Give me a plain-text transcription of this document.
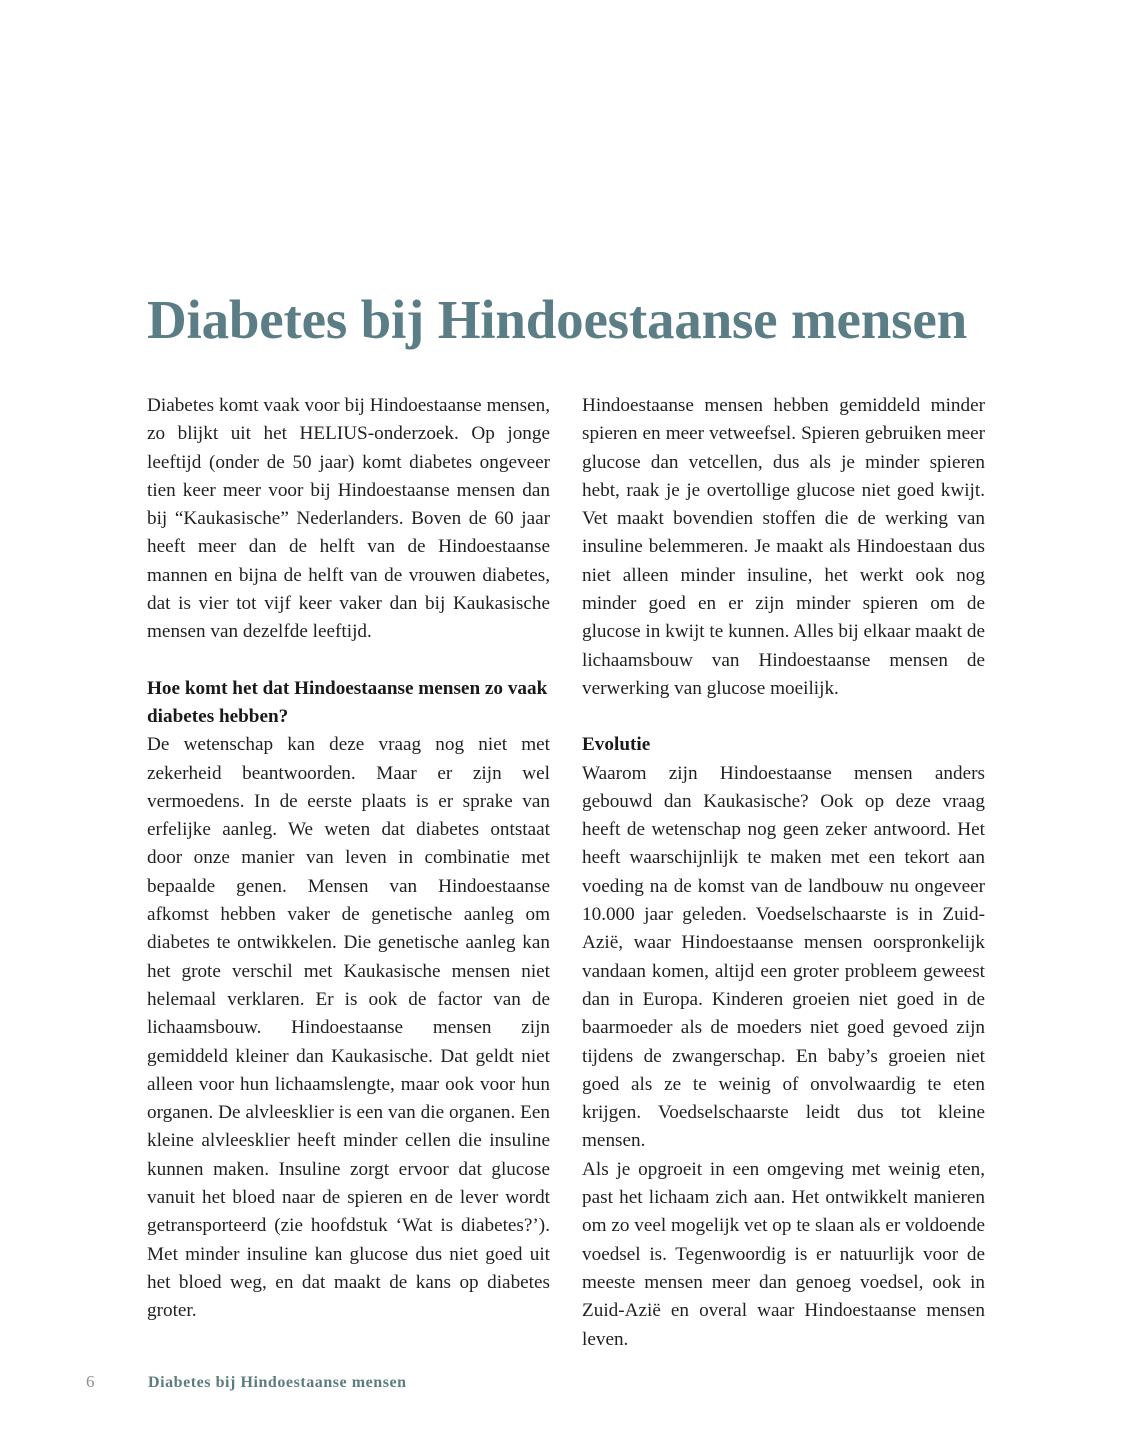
Diabetes bij Hindoestaanse mensen

Diabetes komt vaak voor bij Hindoestaanse mensen, zo blijkt uit het HELIUS-onderzoek. Op jonge leeftijd (onder de 50 jaar) komt diabetes ongeveer tien keer meer voor bij Hindoestaanse mensen dan bij “Kaukasische” Nederlanders. Boven de 60 jaar heeft meer dan de helft van de Hindoestaanse mannen en bijna de helft van de vrouwen diabetes, dat is vier tot vijf keer vaker dan bij Kaukasische mensen van dezelfde leeftijd.

Hoe komt het dat Hindoestaanse mensen zo vaak diabetes hebben?

De wetenschap kan deze vraag nog niet met zekerheid beantwoorden. Maar er zijn wel vermoedens. In de eerste plaats is er sprake van erfelijke aanleg. We weten dat diabetes ontstaat door onze manier van leven in combinatie met bepaalde genen. Mensen van Hindoestaanse afkomst hebben vaker de genetische aanleg om diabetes te ontwikkelen. Die genetische aanleg kan het grote verschil met Kaukasische mensen niet helemaal verklaren. Er is ook de factor van de lichaamsbouw. Hindoestaanse mensen zijn gemiddeld kleiner dan Kaukasische. Dat geldt niet alleen voor hun lichaamslengte, maar ook voor hun organen. De alvleesklier is een van die organen. Een kleine alvleesklier heeft minder cellen die insuline kunnen maken. Insuline zorgt ervoor dat glucose vanuit het bloed naar de spieren en de lever wordt getransporteerd (zie hoofdstuk ‘Wat is diabetes?’). Met minder insuline kan glucose dus niet goed uit het bloed weg, en dat maakt de kans op diabetes groter.

Hindoestaanse mensen hebben gemiddeld minder spieren en meer vetweefsel. Spieren gebruiken meer glucose dan vetcellen, dus als je minder spieren hebt, raak je je overtollige glucose niet goed kwijt. Vet maakt bovendien stoffen die de werking van insuline belemmeren. Je maakt als Hindoestaan dus niet alleen minder insuline, het werkt ook nog minder goed en er zijn minder spieren om de glucose in kwijt te kunnen. Alles bij elkaar maakt de lichaamsbouw van Hindoestaanse mensen de verwerking van glucose moeilijk.

Evolutie

Waarom zijn Hindoestaanse mensen anders gebouwd dan Kaukasische? Ook op deze vraag heeft de wetenschap nog geen zeker antwoord. Het heeft waarschijnlijk te maken met een tekort aan voeding na de komst van de landbouw nu ongeveer 10.000 jaar geleden. Voedselschaarste is in Zuid-Azië, waar Hindoestaanse mensen oorspronkelijk vandaan komen, altijd een groter probleem geweest dan in Europa. Kinderen groeien niet goed in de baarmoeder als de moeders niet goed gevoed zijn tijdens de zwangerschap. En baby’s groeien niet goed als ze te weinig of onvolwaardig te eten krijgen. Voedselschaarste leidt dus tot kleine mensen.

Als je opgroeit in een omgeving met weinig eten, past het lichaam zich aan. Het ontwikkelt manieren om zo veel mogelijk vet op te slaan als er voldoende voedsel is. Tegenwoordig is er natuurlijk voor de meeste mensen meer dan genoeg voedsel, ook in Zuid-Azië en overal waar Hindoestaanse mensen leven.

6	Diabetes bij Hindoestaanse mensen
